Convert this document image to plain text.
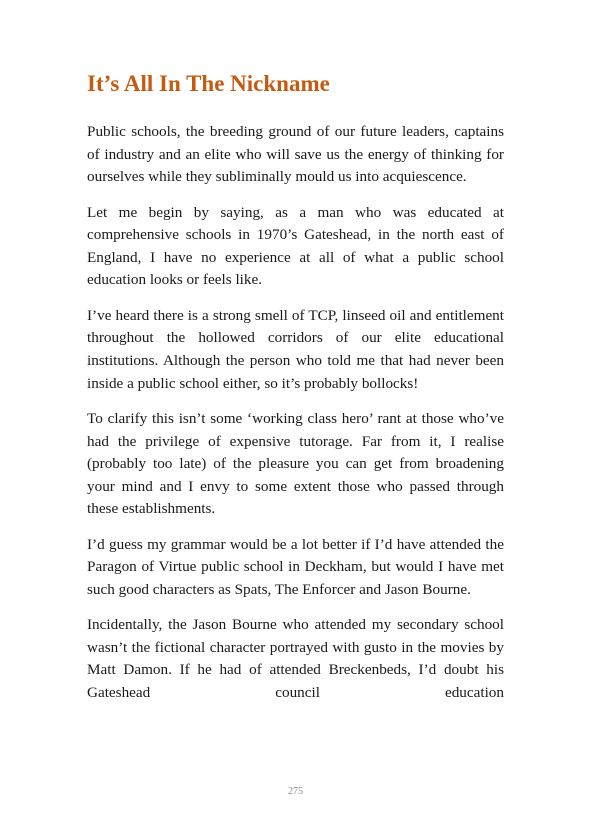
It’s All In The Nickname

Public schools, the breeding ground of our future leaders, captains of industry and an elite who will save us the energy of thinking for ourselves while they subliminally mould us into acquiescence.

Let me begin by saying, as a man who was educated at comprehensive schools in 1970’s Gateshead, in the north east of England, I have no experience at all of what a public school education looks or feels like.

I’ve heard there is a strong smell of TCP, linseed oil and entitlement throughout the hollowed corridors of our elite educational institutions. Although the person who told me that had never been inside a public school either, so it’s probably bollocks!

To clarify this isn’t some ‘working class hero’ rant at those who’ve had the privilege of expensive tutorage. Far from it, I realise (probably too late) of the pleasure you can get from broadening your mind and I envy to some extent those who passed through these establishments.

I’d guess my grammar would be a lot better if I’d have attended the Paragon of Virtue public school in Deckham, but would I have met such good characters as Spats, The Enforcer and Jason Bourne.

Incidentally, the Jason Bourne who attended my secondary school wasn’t the fictional character portrayed with gusto in the movies by Matt Damon. If he had of attended Breckenbeds, I’d doubt his Gateshead council education

275
